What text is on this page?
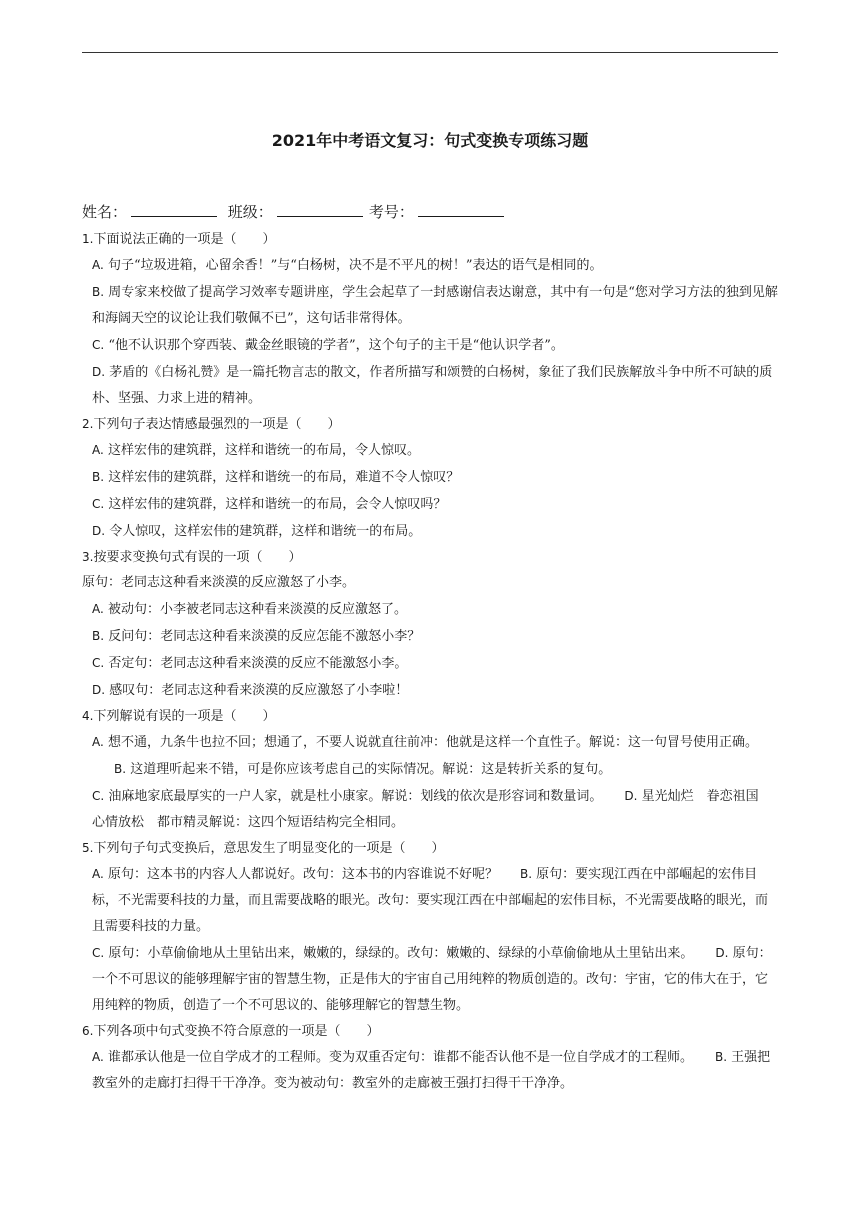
2021年中考语文复习：句式变换专项练习题
姓名：	班级：	考号：
1.下面说法正确的一项是（　　）
A. 句子“垃圾进箱，心留余香！”与“白杨树，决不是不平凡的树！”表达的语气是相同的。
B. 周专家来校做了提高学习效率专题讲座，学生会起草了一封感谢信表达谢意，其中有一句是“您对学习方法的独到见解和海阔天空的议论让我们敬佩不已”，这句话非常得体。
C. “他不认识那个穿西装、戴金丝眼镜的学者”，这个句子的主干是“他认识学者”。
D. 茅盾的《白杨礼赞》是一篇托物言志的散文，作者所描写和颂赞的白杨树，象征了我们民族解放斗争中所不可缺的质朴、坚强、力求上进的精神。
2.下列句子表达情感最强烈的一项是（　　）
A. 这样宏伟的建筑群，这样和谐统一的布局，令人惊叹。
B. 这样宏伟的建筑群，这样和谐统一的布局，难道不令人惊叹？
C. 这样宏伟的建筑群，这样和谐统一的布局，会令人惊叹吗？
D. 令人惊叹，这样宏伟的建筑群，这样和谐统一的布局。
3.按要求变换句式有误的一项（　　）
原句：老同志这种看来淡漠的反应激怒了小李。
A. 被动句：小李被老同志这种看来淡漠的反应激怒了。
B. 反问句：老同志这种看来淡漠的反应怎能不激怒小李？
C. 否定句：老同志这种看来淡漠的反应不能激怒小李。
D. 感叹句：老同志这种看来淡漠的反应激怒了小李啦！
4.下列解说有误的一项是（　　）
A. 想不通，九条牛也拉不回；想通了，不要人说就直往前冲：他就是这样一个直性子。解说：这一句冒号使用正确。B. 这道理听起来不错，可是你应该考虑自己的实际情况。解说：这是转折关系的复句。
C. 油麻地家底最厚实的一户人家，就是杜小康家。解说：划线的依次是形容词和数量词。 D. 星光灿烂　眷恋祖国　心情放松　都市精灵解说：这四个短语结构完全相同。
5.下列句子句式变换后，意思发生了明显变化的一项是（　　）
A. 原句：这本书的内容人人都说好。改句：这本书的内容谁说不好呢？ B. 原句：要实现江西在中部崛起的宏伟目标，不光需要科技的力量，而且需要战略的眼光。改句：要实现江西在中部崛起的宏伟目标，不光需要战略的眼光，而且需要科技的力量。
C. 原句：小草偷偷地从土里钻出来，嫩嫩的，绿绿的。改句：嫩嫩的、绿绿的小草偷偷地从土里钻出来。 D. 原句：一个不可思议的能够理解宇宙的智慧生物，正是伟大的宇宙自己用纯粹的物质创造的。改句：宇宙，它的伟大在于，它用纯粹的物质，创造了一个不可思议的、能够理解它的智慧生物。
6.下列各项中句式变换不符合原意的一项是（　　）
A. 谁都承认他是一位自学成才的工程师。变为双重否定句：谁都不能否认他不是一位自学成才的工程师。 B. 王强把教室外的走廊打扫得干干净净。变为被动句：教室外的走廊被王强打扫得干干净净。
